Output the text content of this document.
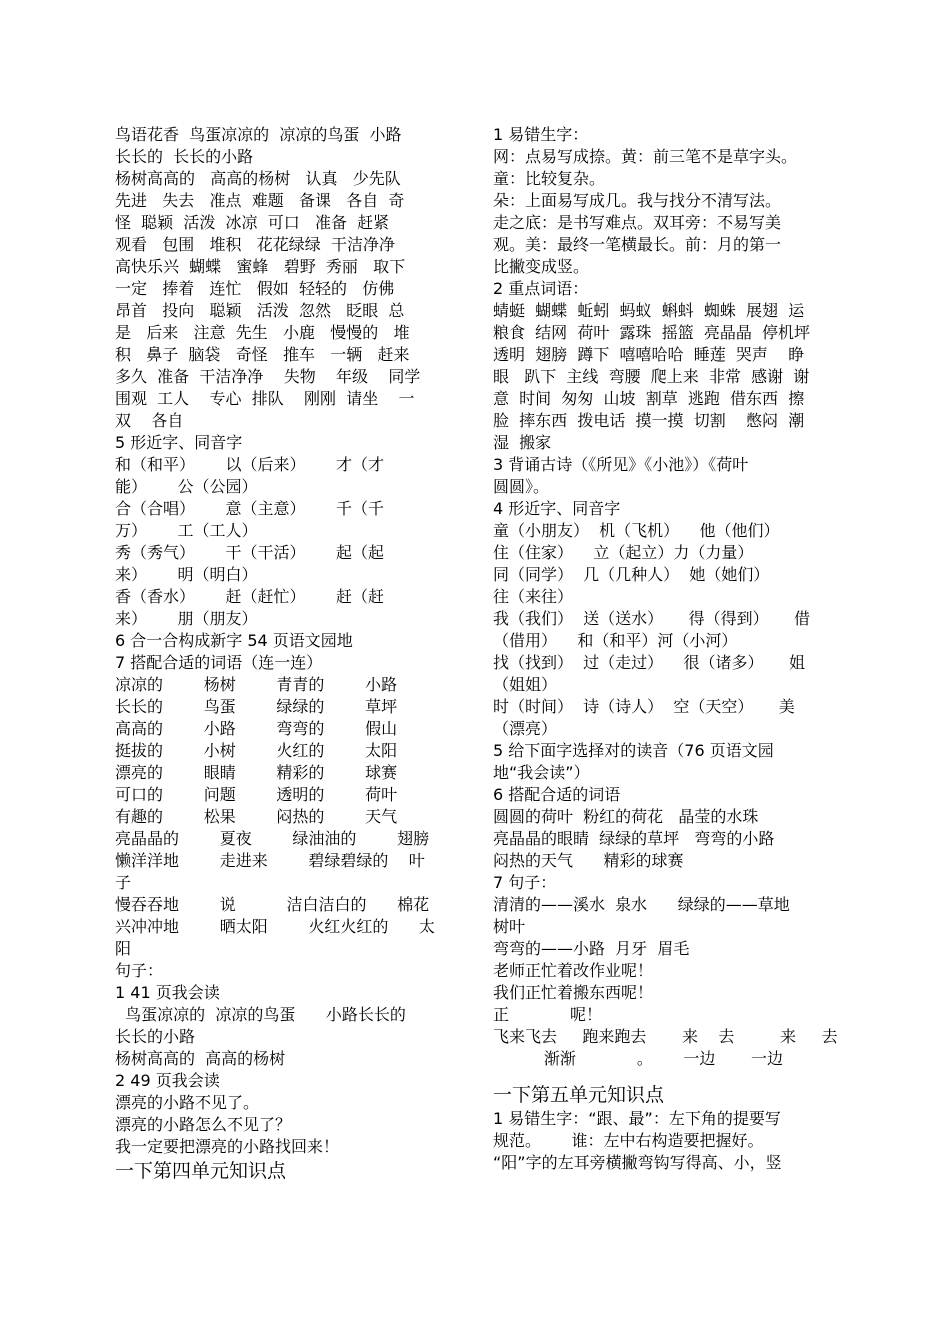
鸟语花香  鸟蛋凉凉的  凉凉的鸟蛋  小路
长长的  长长的小路
杨树高高的   高高的杨树   认真   少先队
先进   失去   准点  难题   备课   各自  奇
怪  聪颖  活泼  冰凉  可口   准备  赶紧
观看   包围   堆积   花花绿绿  干洁净净
高快乐兴  蝴蝶   蜜蜂   碧野  秀丽   取下
一定   捧着   连忙   假如  轻轻的   仿佛
昂首   投向   聪颖   活泼  忽然   眨眼  总
是   后来   注意  先生   小鹿   慢慢的   堆
积   鼻子  脑袋   奇怪   推车   一辆   赶来
多久  准备  干洁净净    失物    年级    同学
围观  工人    专心  排队    刚刚  请坐    一
双    各自
5 形近字、同音字
和（和平）      以（后来）      才（才
能）      公（公园）
合（合唱）      意（主意）      千（千
万）      工（工人）
秀（秀气）      干（干活）      起（起
来）      明（明白）
香（香水）      赶（赶忙）      赶（赶
来）      朋（朋友）
6 合一合构成新字 54 页语文园地
7 搭配合适的词语（连一连）
凉凉的        杨树        青青的        小路
长长的        鸟蛋        绿绿的        草坪
高高的        小路        弯弯的        假山
挺拔的        小树        火红的        太阳
漂亮的        眼睛        精彩的        球赛
可口的        问题        透明的        荷叶
有趣的        松果        闷热的        天气
亮晶晶的        夏夜        绿油油的        翅膀
懒洋洋地        走进来        碧绿碧绿的    叶
子
慢吞吞地        说          洁白洁白的      棉花
兴冲冲地        晒太阳        火红火红的      太
阳
句子：
1 41 页我会读
鸟蛋凉凉的  凉凉的鸟蛋      小路长长的
长长的小路
杨树高高的  高高的杨树
2 49 页我会读
漂亮的小路不见了。
漂亮的小路怎么不见了？
我一定要把漂亮的小路找回来！
一下第四单元知识点
1 易错生字：
网：点易写成捺。黄：前三笔不是草字头。
童：比较复杂。
朵：上面易写成几。我与找分不清写法。
走之底：是书写难点。双耳旁：不易写美
观。美：最终一笔横最长。前：月的第一
比撇变成竖。
2 重点词语：
蜻蜓  蝴蝶  蚯蚓  蚂蚁  蝌蚪  蜘蛛  展翅  运
粮食  结网  荷叶  露珠  摇篮  亮晶晶  停机坪
透明  翅膀  蹲下  嘻嘻哈哈  睡莲  哭声    睁
眼   趴下  主线  弯腰  爬上来  非常  感谢  谢
意  时间  匆匆  山坡  割草  逃跑  借东西  擦
脸  摔东西  拨电话  摸一摸  切割    憋闷  潮
湿  搬家
3 背诵古诗（《所见》《小池》）《荷叶
圆圆》。
4 形近字、同音字
童（小朋友）  机（飞机）    他（他们）
住（住家）    立（起立）力（力量）
同（同学）  几（几种人）  她（她们）
往（来往）
我（我们）  送（送水）     得（得到）     借
（借用）    和（和平）河（小河）
找（找到）  过（走过）    很（诸多）     姐
（姐姐）
时（时间）  诗（诗人）  空（天空）     美
（漂亮）
5 给下面字选择对的读音（76 页语文园
地“我会读”）
6 搭配合适的词语
圆圆的荷叶  粉红的荷花   晶莹的水珠
亮晶晶的眼睛  绿绿的草坪   弯弯的小路
闷热的天气      精彩的球赛
7 句子：
清清的——溪水  泉水      绿绿的——草地
树叶
弯弯的——小路  月牙  眉毛
老师正忙着改作业呢！
我们正忙着搬东西呢！
正            呢！
飞来飞去     跑来跑去       来    去         来     去
渐渐            。      一边       一边
一下第五单元知识点
1 易错生字：“跟、最”：左下角的提要写
规范。      谁：左中右构造要把握好。
“阳”字的左耳旁横撇弯钩写得高、小，竖
